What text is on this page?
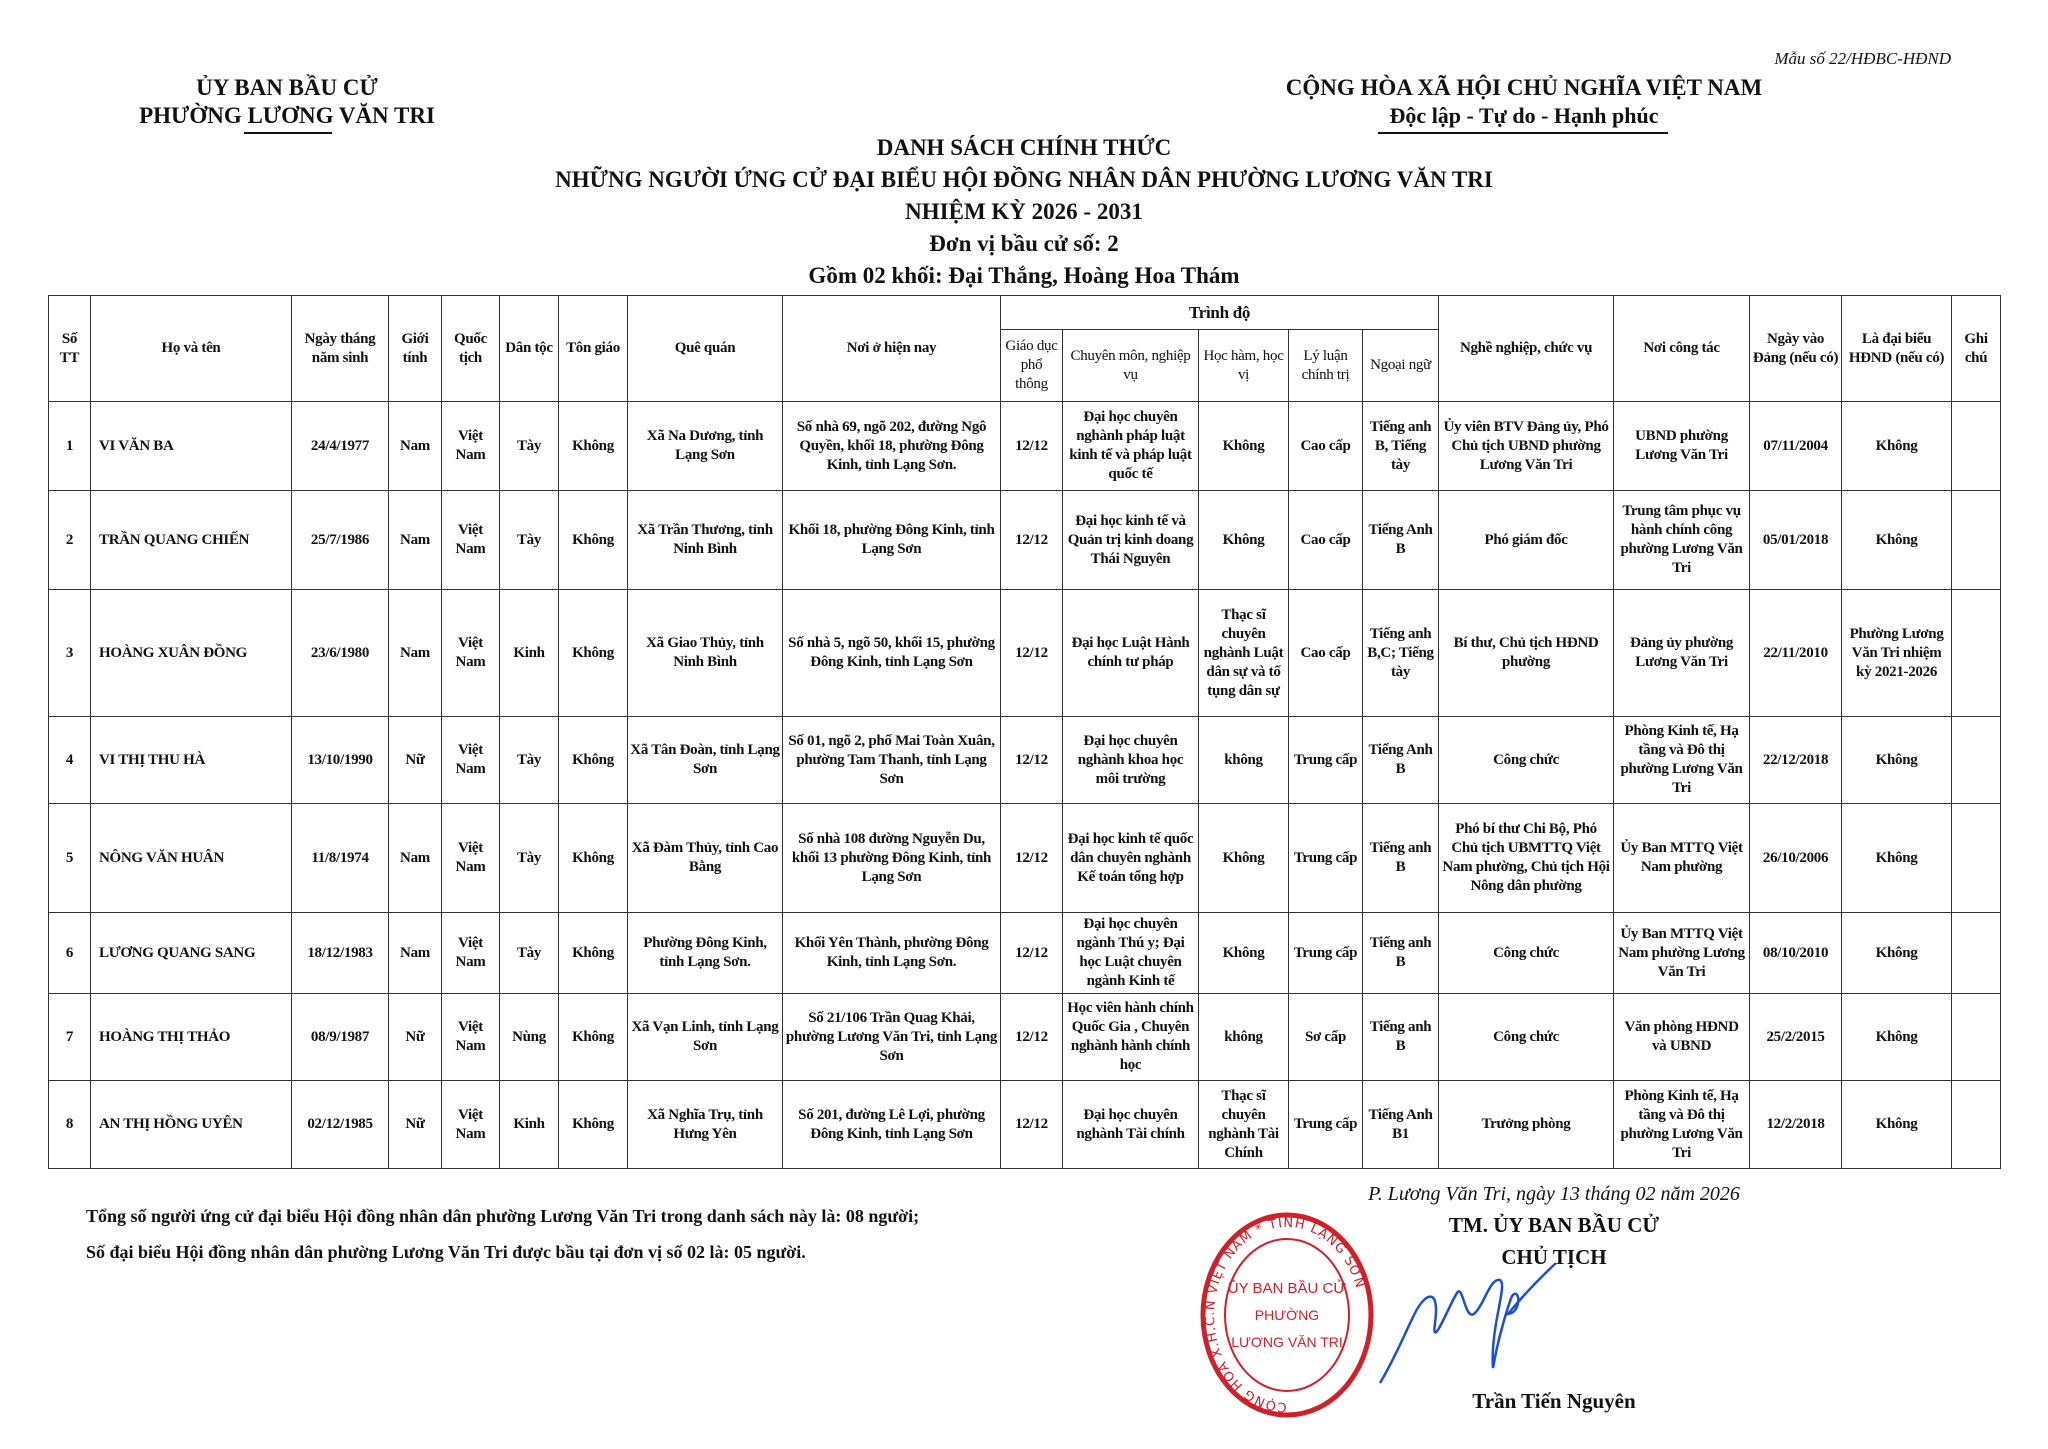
Mẫu số 22/HĐBC-HĐND
ỦY BAN BẦU CỬ
PHƯỜNG LƯƠNG VĂN TRI
CỘNG HÒA XÃ HỘI CHỦ NGHĨA VIỆT NAM
Độc lập - Tự do - Hạnh phúc
DANH SÁCH CHÍNH THỨC
NHỮNG NGƯỜI ỨNG CỬ ĐẠI BIỂU HỘI ĐỒNG NHÂN DÂN PHƯỜNG LƯƠNG VĂN TRI
NHIỆM KỲ 2026 - 2031
Đơn vị bầu cử số: 2
Gồm 02 khối: Đại Thắng, Hoàng Hoa Thám
Số TT	Họ và tên	Ngày tháng năm sinh	Giới tính	Quốc tịch	Dân tộc	Tôn giáo	Quê quán	Nơi ở hiện nay	Trình độ					Nghề nghiệp, chức vụ	Nơi công tác	Ngày vào Đảng (nếu có)	Là đại biểu HĐND (nếu có)	Ghi chú
									Giáo dục phổ thông	Chuyên môn, nghiệp vụ	Học hàm, học vị	Lý luận chính trị	Ngoại ngữ					
1	VI VĂN BA	24/4/1977	Nam	Việt Nam	Tày	Không	Xã Na Dương, tỉnh Lạng Sơn	Số nhà 69, ngõ 202, đường Ngô Quyền, khối 18, phường Đông Kinh, tỉnh Lạng Sơn.	12/12	Đại học chuyên nghành pháp luật kinh tế và pháp luật quốc tế	Không	Cao cấp	Tiếng anh B, Tiếng tày	Ủy viên BTV Đảng ủy, Phó Chủ tịch UBND phường Lương Văn Tri	UBND phường Lương Văn Tri	07/11/2004	Không	
2	TRẦN QUANG CHIẾN	25/7/1986	Nam	Việt Nam	Tày	Không	Xã Trần Thương, tỉnh Ninh Bình	Khối 18, phường Đông Kinh, tỉnh Lạng Sơn	12/12	Đại học kinh tế và Quản trị kinh doang Thái Nguyên	Không	Cao cấp	Tiếng Anh B	Phó giám đốc	Trung tâm phục vụ hành chính công phường Lương Văn Tri	05/01/2018	Không	
3	HOÀNG XUÂN ĐỒNG	23/6/1980	Nam	Việt Nam	Kinh	Không	Xã Giao Thủy, tỉnh Ninh Bình	Số nhà 5, ngõ 50, khối 15, phường Đông Kinh, tỉnh Lạng Sơn	12/12	Đại học Luật Hành chính tư pháp	Thạc sĩ chuyên nghành Luật dân sự và tố tụng dân sự	Cao cấp	Tiếng anh B,C; Tiếng tày	Bí thư, Chủ tịch HĐND phường	Đảng ủy phường Lương Văn Tri	22/11/2010	Phường Lương Văn Tri nhiệm kỳ 2021-2026	
4	VI THỊ THU HÀ	13/10/1990	Nữ	Việt Nam	Tày	Không	Xã Tân Đoàn, tỉnh Lạng Sơn	Số 01, ngõ 2, phố Mai Toàn Xuân, phường Tam Thanh, tỉnh Lạng Sơn	12/12	Đại học chuyên nghành khoa học môi trường	không	Trung cấp	Tiếng Anh B	Công chức	Phòng Kinh tế, Hạ tầng và Đô thị phường Lương Văn Tri	22/12/2018	Không	
5	NÔNG VĂN HUÂN	11/8/1974	Nam	Việt Nam	Tày	Không	Xã Đàm Thủy, tỉnh Cao Bằng	Số nhà 108 đường Nguyễn Du, khối 13 phường Đông Kinh, tỉnh Lạng Sơn	12/12	Đại học kinh tế quốc dân chuyên nghành Kế toán tổng hợp	Không	Trung cấp	Tiếng anh B	Phó bí thư Chi Bộ, Phó Chủ tịch UBMTTQ Việt Nam phường, Chủ tịch Hội Nông dân phường	Ủy Ban MTTQ Việt Nam phường	26/10/2006	Không	
6	LƯƠNG QUANG SANG	18/12/1983	Nam	Việt Nam	Tày	Không	Phường Đông Kinh, tỉnh Lạng Sơn.	Khối Yên Thành, phường Đông Kinh, tỉnh Lạng Sơn.	12/12	Đại học chuyên ngành Thú y; Đại học Luật chuyên ngành Kinh tế	Không	Trung cấp	Tiếng anh B	Công chức	Ủy Ban MTTQ Việt Nam phường Lương Văn Tri	08/10/2010	Không	
7	HOÀNG THỊ THẢO	08/9/1987	Nữ	Việt Nam	Nùng	Không	Xã Vạn Linh, tỉnh Lạng Sơn	Số 21/106 Trần Quag Khải, phường Lương Văn Tri, tỉnh Lạng Sơn	12/12	Học viên hành chính Quốc Gia , Chuyên nghành hành chính học	không	Sơ cấp	Tiếng anh B	Công chức	Văn phòng HĐND và UBND	25/2/2015	Không	
8	AN THỊ HỒNG UYÊN	02/12/1985	Nữ	Việt Nam	Kinh	Không	Xã Nghĩa Trụ, tỉnh Hưng Yên	Số 201, đường Lê Lợi, phường Đông Kinh, tỉnh Lạng Sơn	12/12	Đại học chuyên nghành Tài chính	Thạc sĩ chuyên nghành Tài Chính	Trung cấp	Tiếng Anh B1	Trưởng phòng	Phòng Kinh tế, Hạ tầng và Đô thị phường Lương Văn Tri	12/2/2018	Không	
Tổng số người ứng cử đại biểu Hội đồng nhân dân phường Lương Văn Tri trong danh sách này là: 08 người;
Số đại biểu Hội đồng nhân dân phường Lương Văn Tri được bầu tại đơn vị số 02 là: 05 người.
P. Lương Văn Tri, ngày 13 tháng 02 năm 2026
TM. ỦY BAN BẦU CỬ
CHỦ TỊCH
CỘNG HÒA X.H.C.N VIỆT NAM * TỈNH LẠNG SƠN
ỦY BAN BẦU CỬ
PHƯỜNG
LƯƠNG VĂN TRI
Trần Tiến Nguyên
